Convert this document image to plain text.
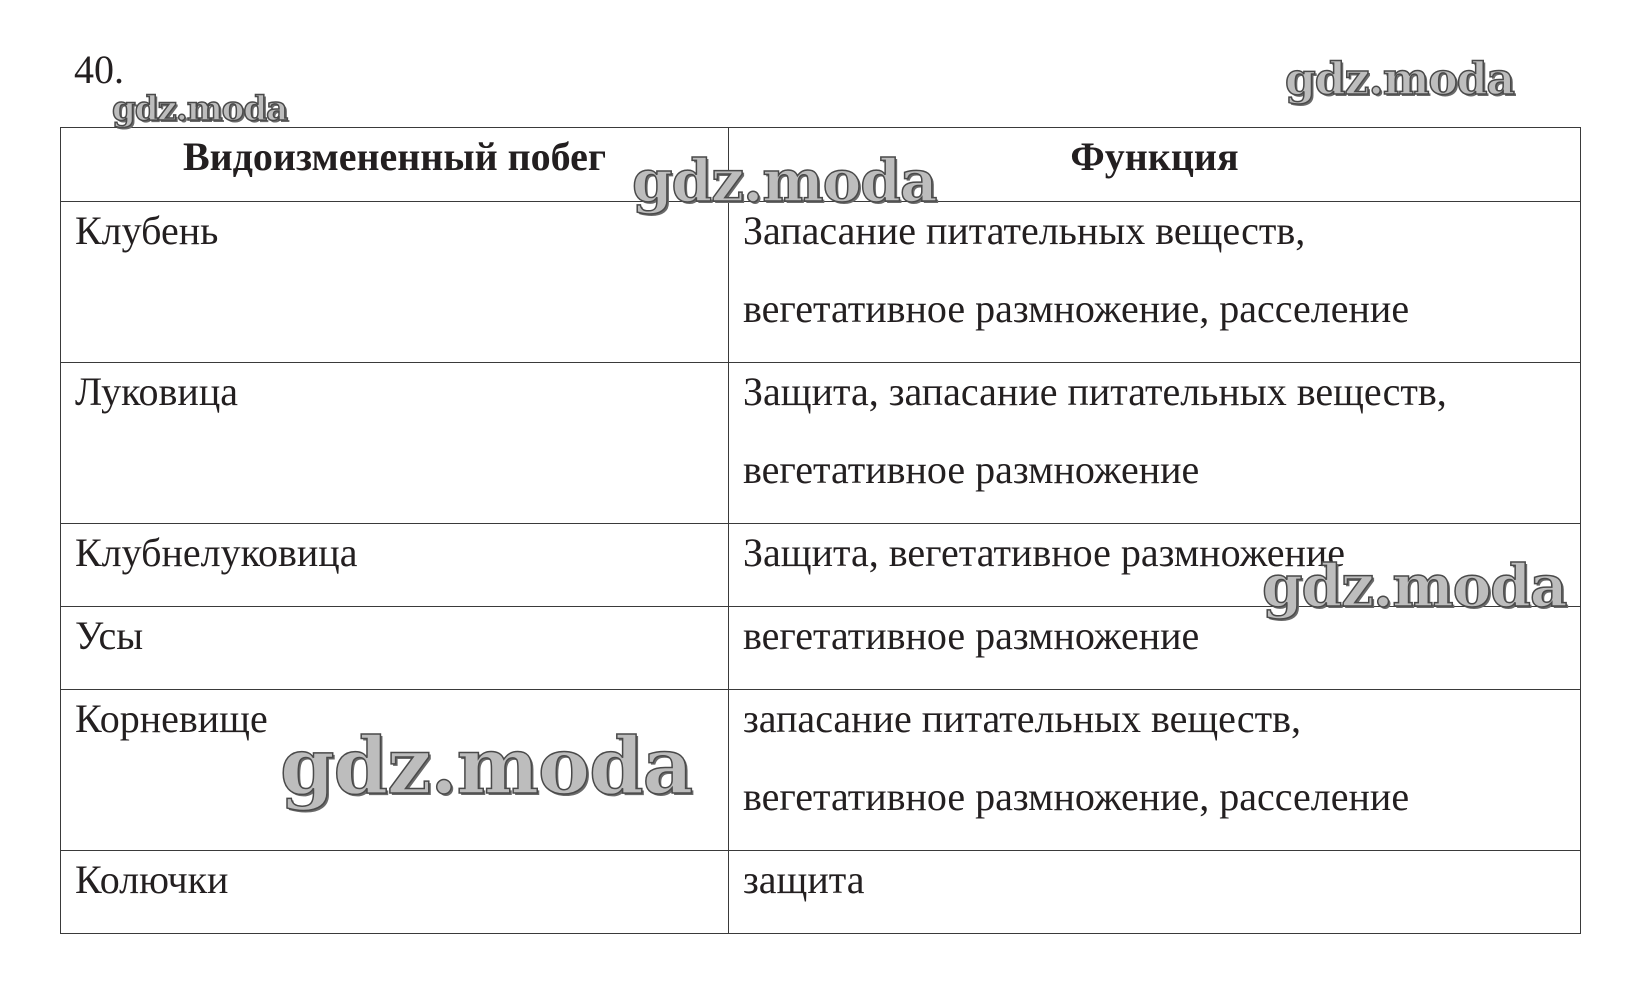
40.
Видоизмененный побег	Функция

Клубень	Запасание питательных веществ,
вегетативное размножение, расселение

Луковица	Защита, запасание питательных веществ,
вегетативное размножение

Клубнелуковица	Защита, вегетативное размножение

Усы	вегетативное размножение

Корневище	запасание питательных веществ,
вегетативное размножение, расселение

Колючки	защита
gdz.moda
gdz.moda
gdz.moda
gdz.moda
gdz.moda
